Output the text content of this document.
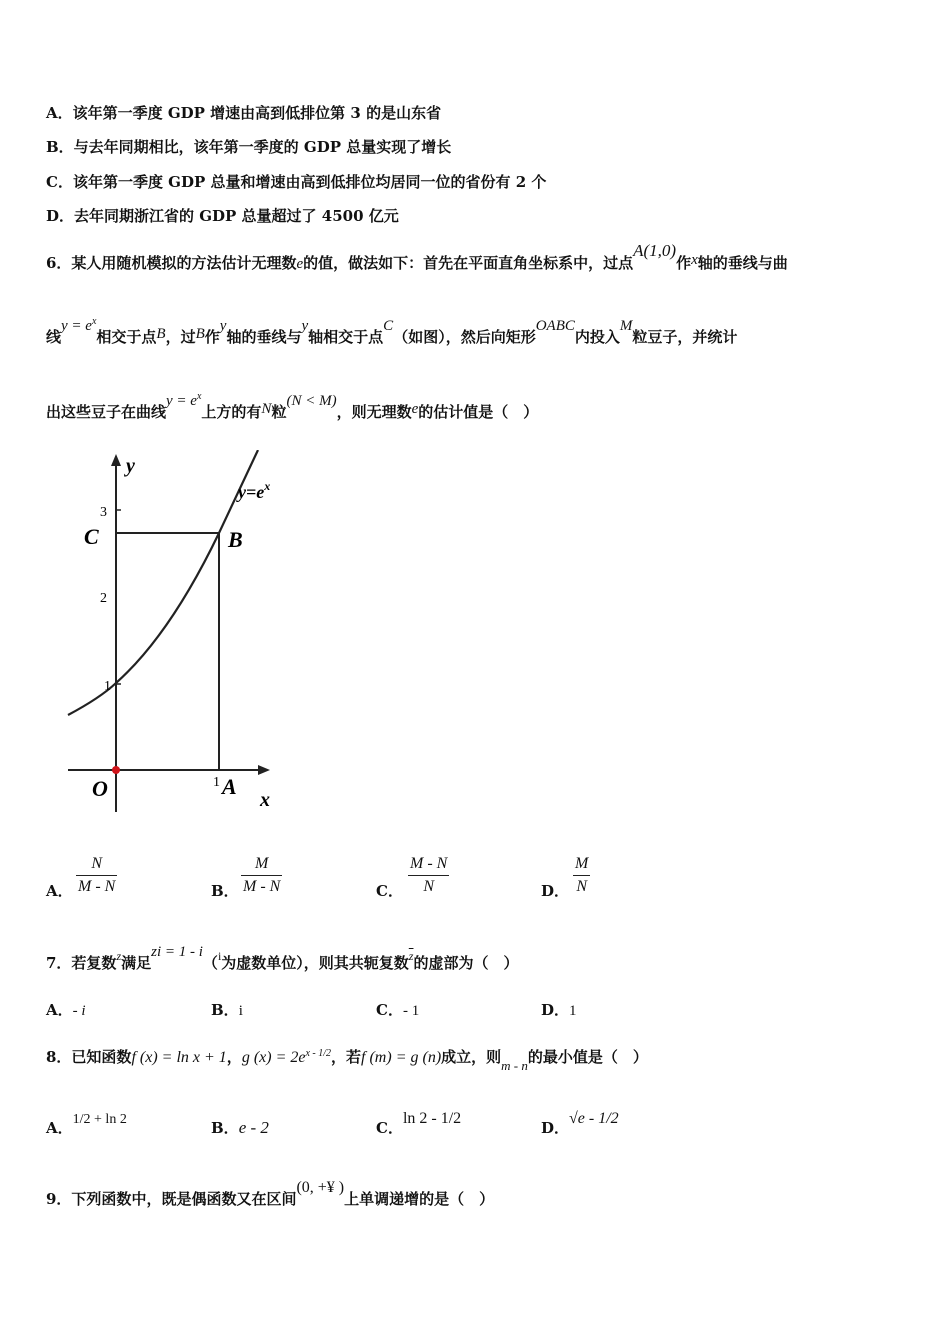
A．该年第一季度 GDP 增速由高到低排位第 3 的是山东省
B．与去年同期相比，该年第一季度的 GDP 总量实现了增长
C．该年第一季度 GDP 总量和增速由高到低排位均居同一位的省份有 2 个
D．去年同期浙江省的 GDP 总量超过了 4500 亿元
6．某人用随机模拟的方法估计无理数e的值，做法如下：首先在平面直角坐标系中，过点A(1,0)作x轴的垂线与曲
线$y = e^x$相交于点B，过B作y轴的垂线与y轴相交于点C（如图），然后向矩形OABC内投入M粒豆子，并统计
出这些豆子在曲线$y = e^x$上方的有N粒(N < M)，则无理数e的估计值是（　）
y
x
$y=e^x$
3
2
1
1
C	B
O	A
A．
N
M - N	B．
M
M - N	C．
M - N
N	D．
M
N
7．若复数$^z$满足zi = 1 - i（$^i$为虚数单位），则其共轭复数$^{\overline{z}}$的虚部为（　）
A．- i	B．i	C．- 1	D．1
8．已知函数f (x) = ln x + 1，g $(x) = 2e^{x - 1/2}$，若f (m) = g (n)成立，则m - n的最小值是（　）
A．1/2 + ln 2	B．e - 2	C．ln 2 - 1/2
D．√e - 1/2
9．下列函数中，既是偶函数又在区间(0, +¥ )上单调递增的是（　）
